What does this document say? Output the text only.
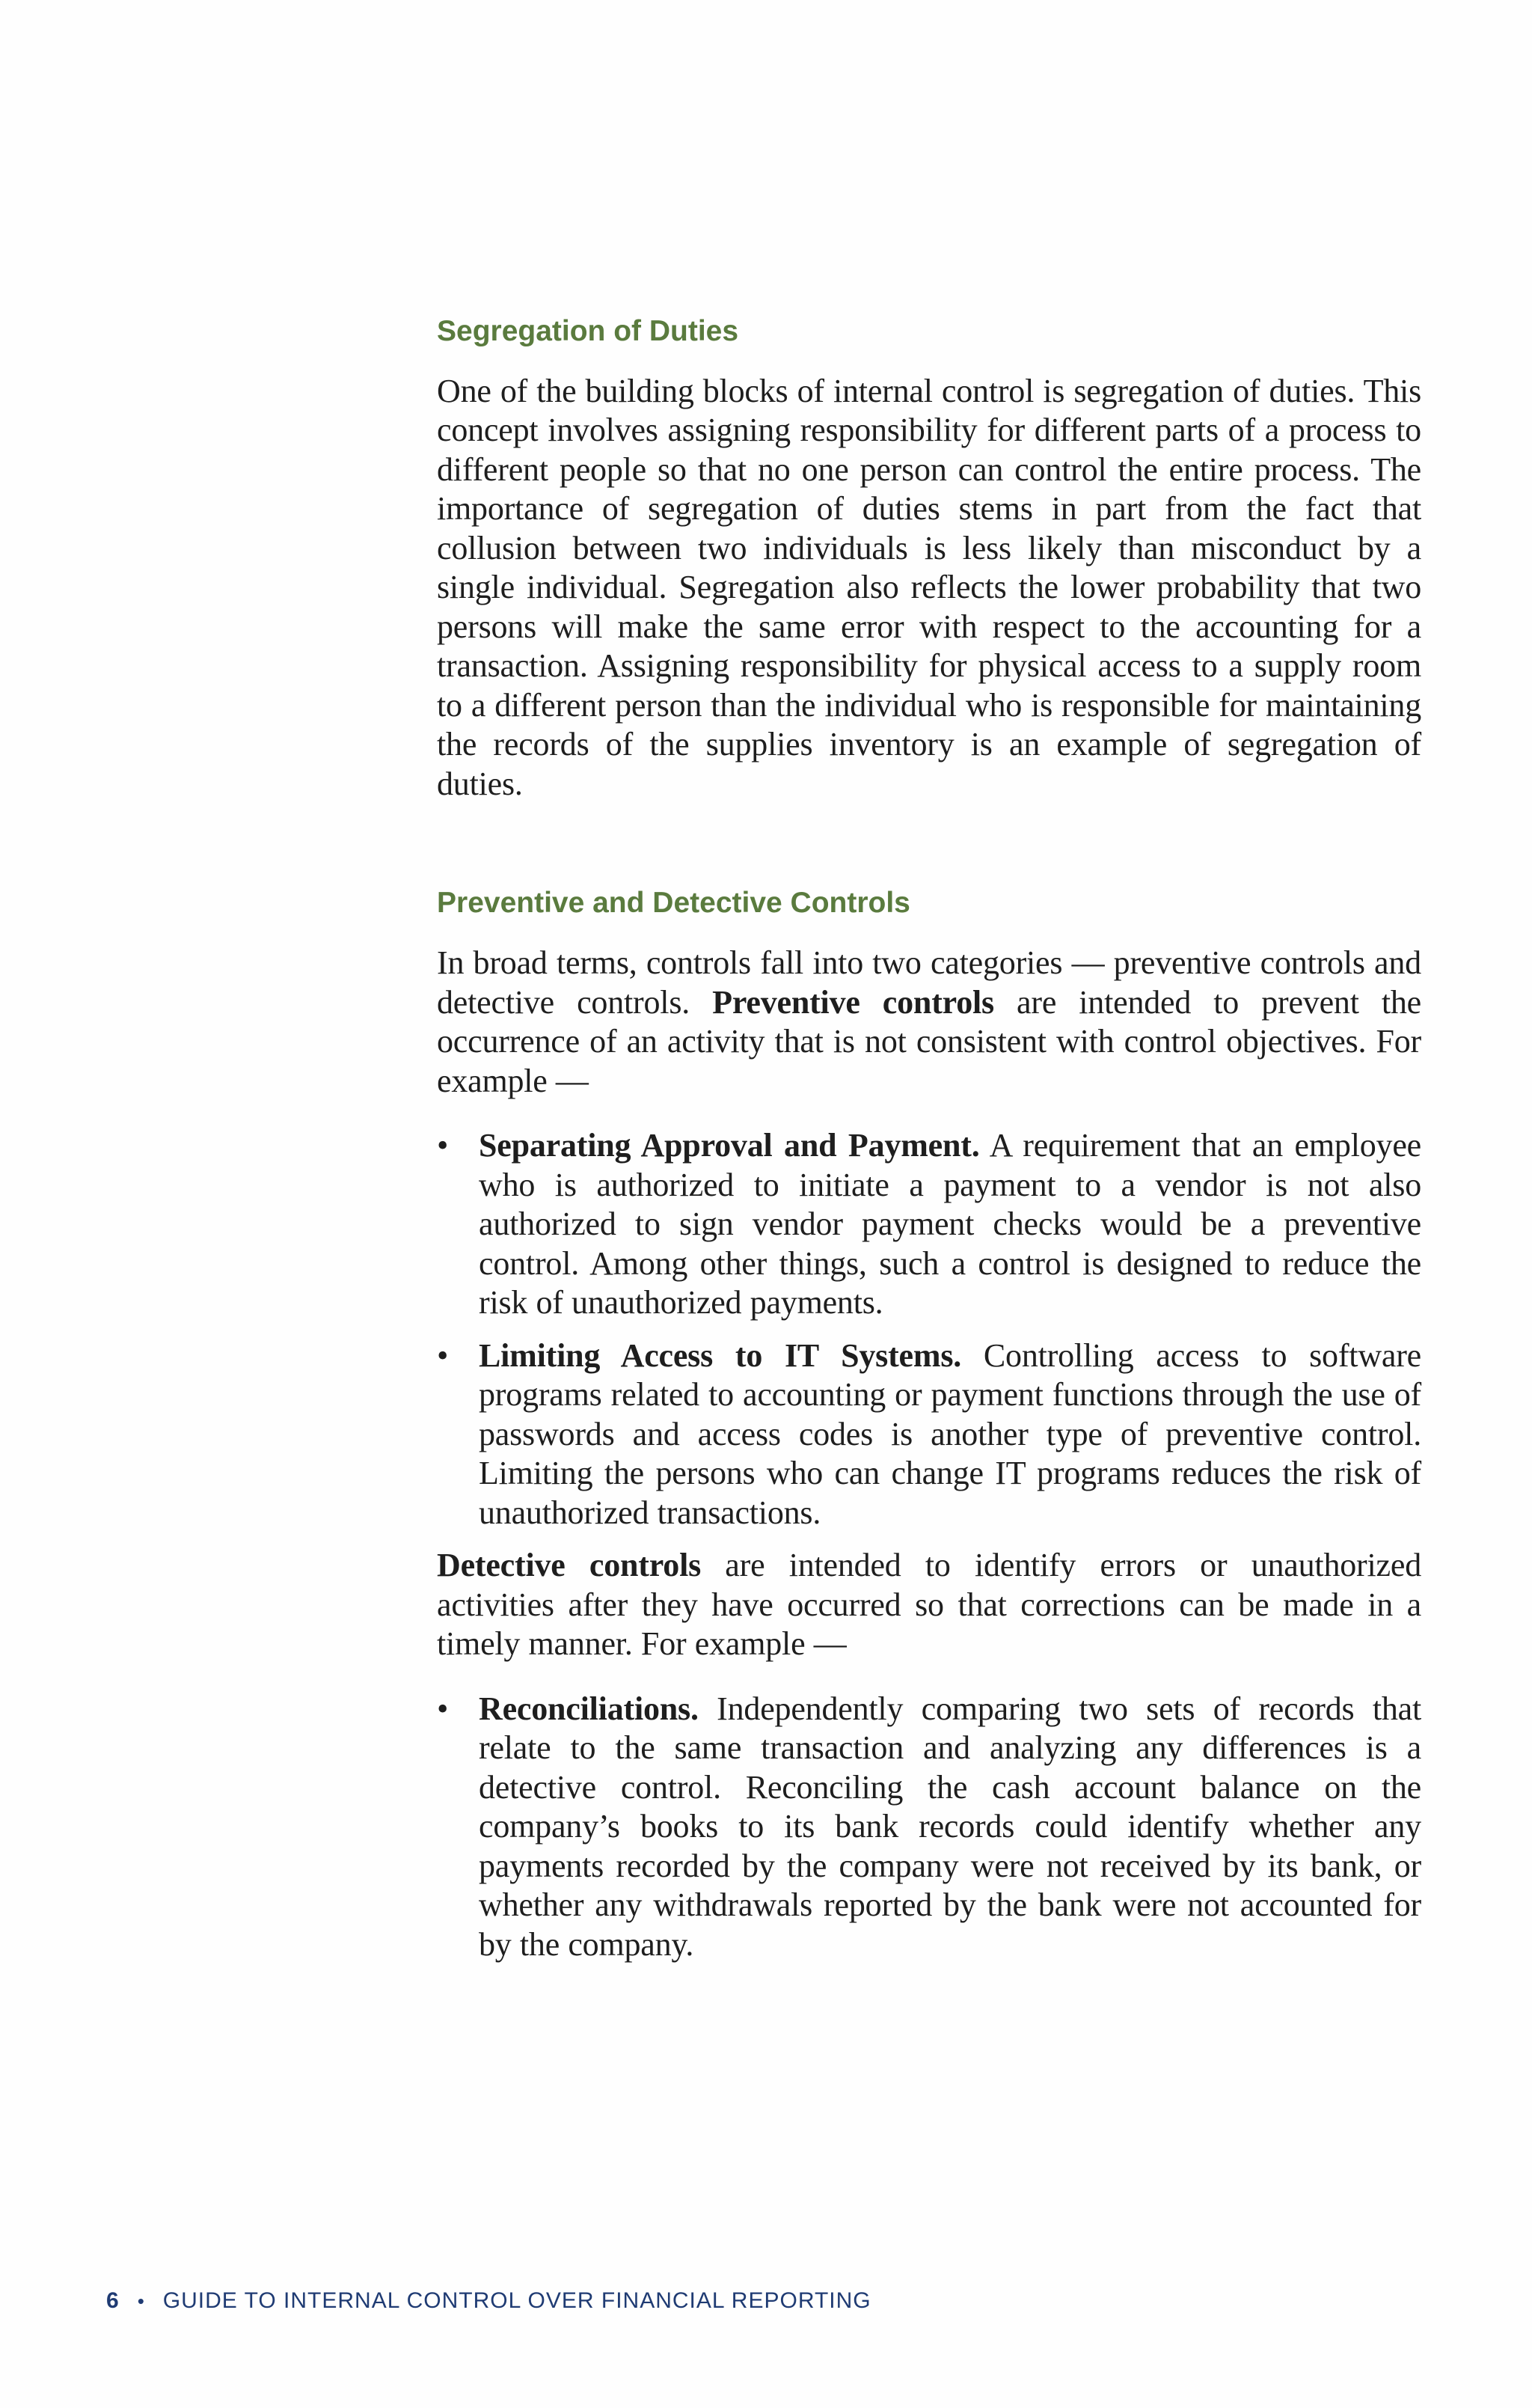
Segregation of Duties

One of the building blocks of internal control is segregation of duties. This concept involves assigning responsibility for different parts of a process to different people so that no one person can control the entire process. The importance of segregation of duties stems in part from the fact that collusion between two individuals is less likely than misconduct by a single individual. Segregation also reflects the lower probability that two persons will make the same error with respect to the accounting for a transaction. Assigning responsibility for physical access to a supply room to a different person than the individual who is responsible for maintaining the records of the supplies inventory is an example of segregation of duties.

Preventive and Detective Controls

In broad terms, controls fall into two categories — preventive controls and detective controls. Preventive controls are intended to prevent the occurrence of an activity that is not consistent with control objectives. For example —

• Separating Approval and Payment. A requirement that an employee who is authorized to initiate a payment to a vendor is not also authorized to sign vendor payment checks would be a preventive control. Among other things, such a control is designed to reduce the risk of unauthorized payments.
• Limiting Access to IT Systems. Controlling access to software programs related to accounting or payment functions through the use of passwords and access codes is another type of preventive control. Limiting the persons who can change IT programs reduces the risk of unauthorized transactions.

Detective controls are intended to identify errors or unauthorized activities after they have occurred so that corrections can be made in a timely manner. For example —

• Reconciliations. Independently comparing two sets of records that relate to the same transaction and analyzing any differences is a detective control. Reconciling the cash account balance on the company’s books to its bank records could identify whether any payments recorded by the company were not received by its bank, or whether any withdrawals reported by the bank were not accounted for by the company.
6 • GUIDE TO INTERNAL CONTROL OVER FINANCIAL REPORTING
